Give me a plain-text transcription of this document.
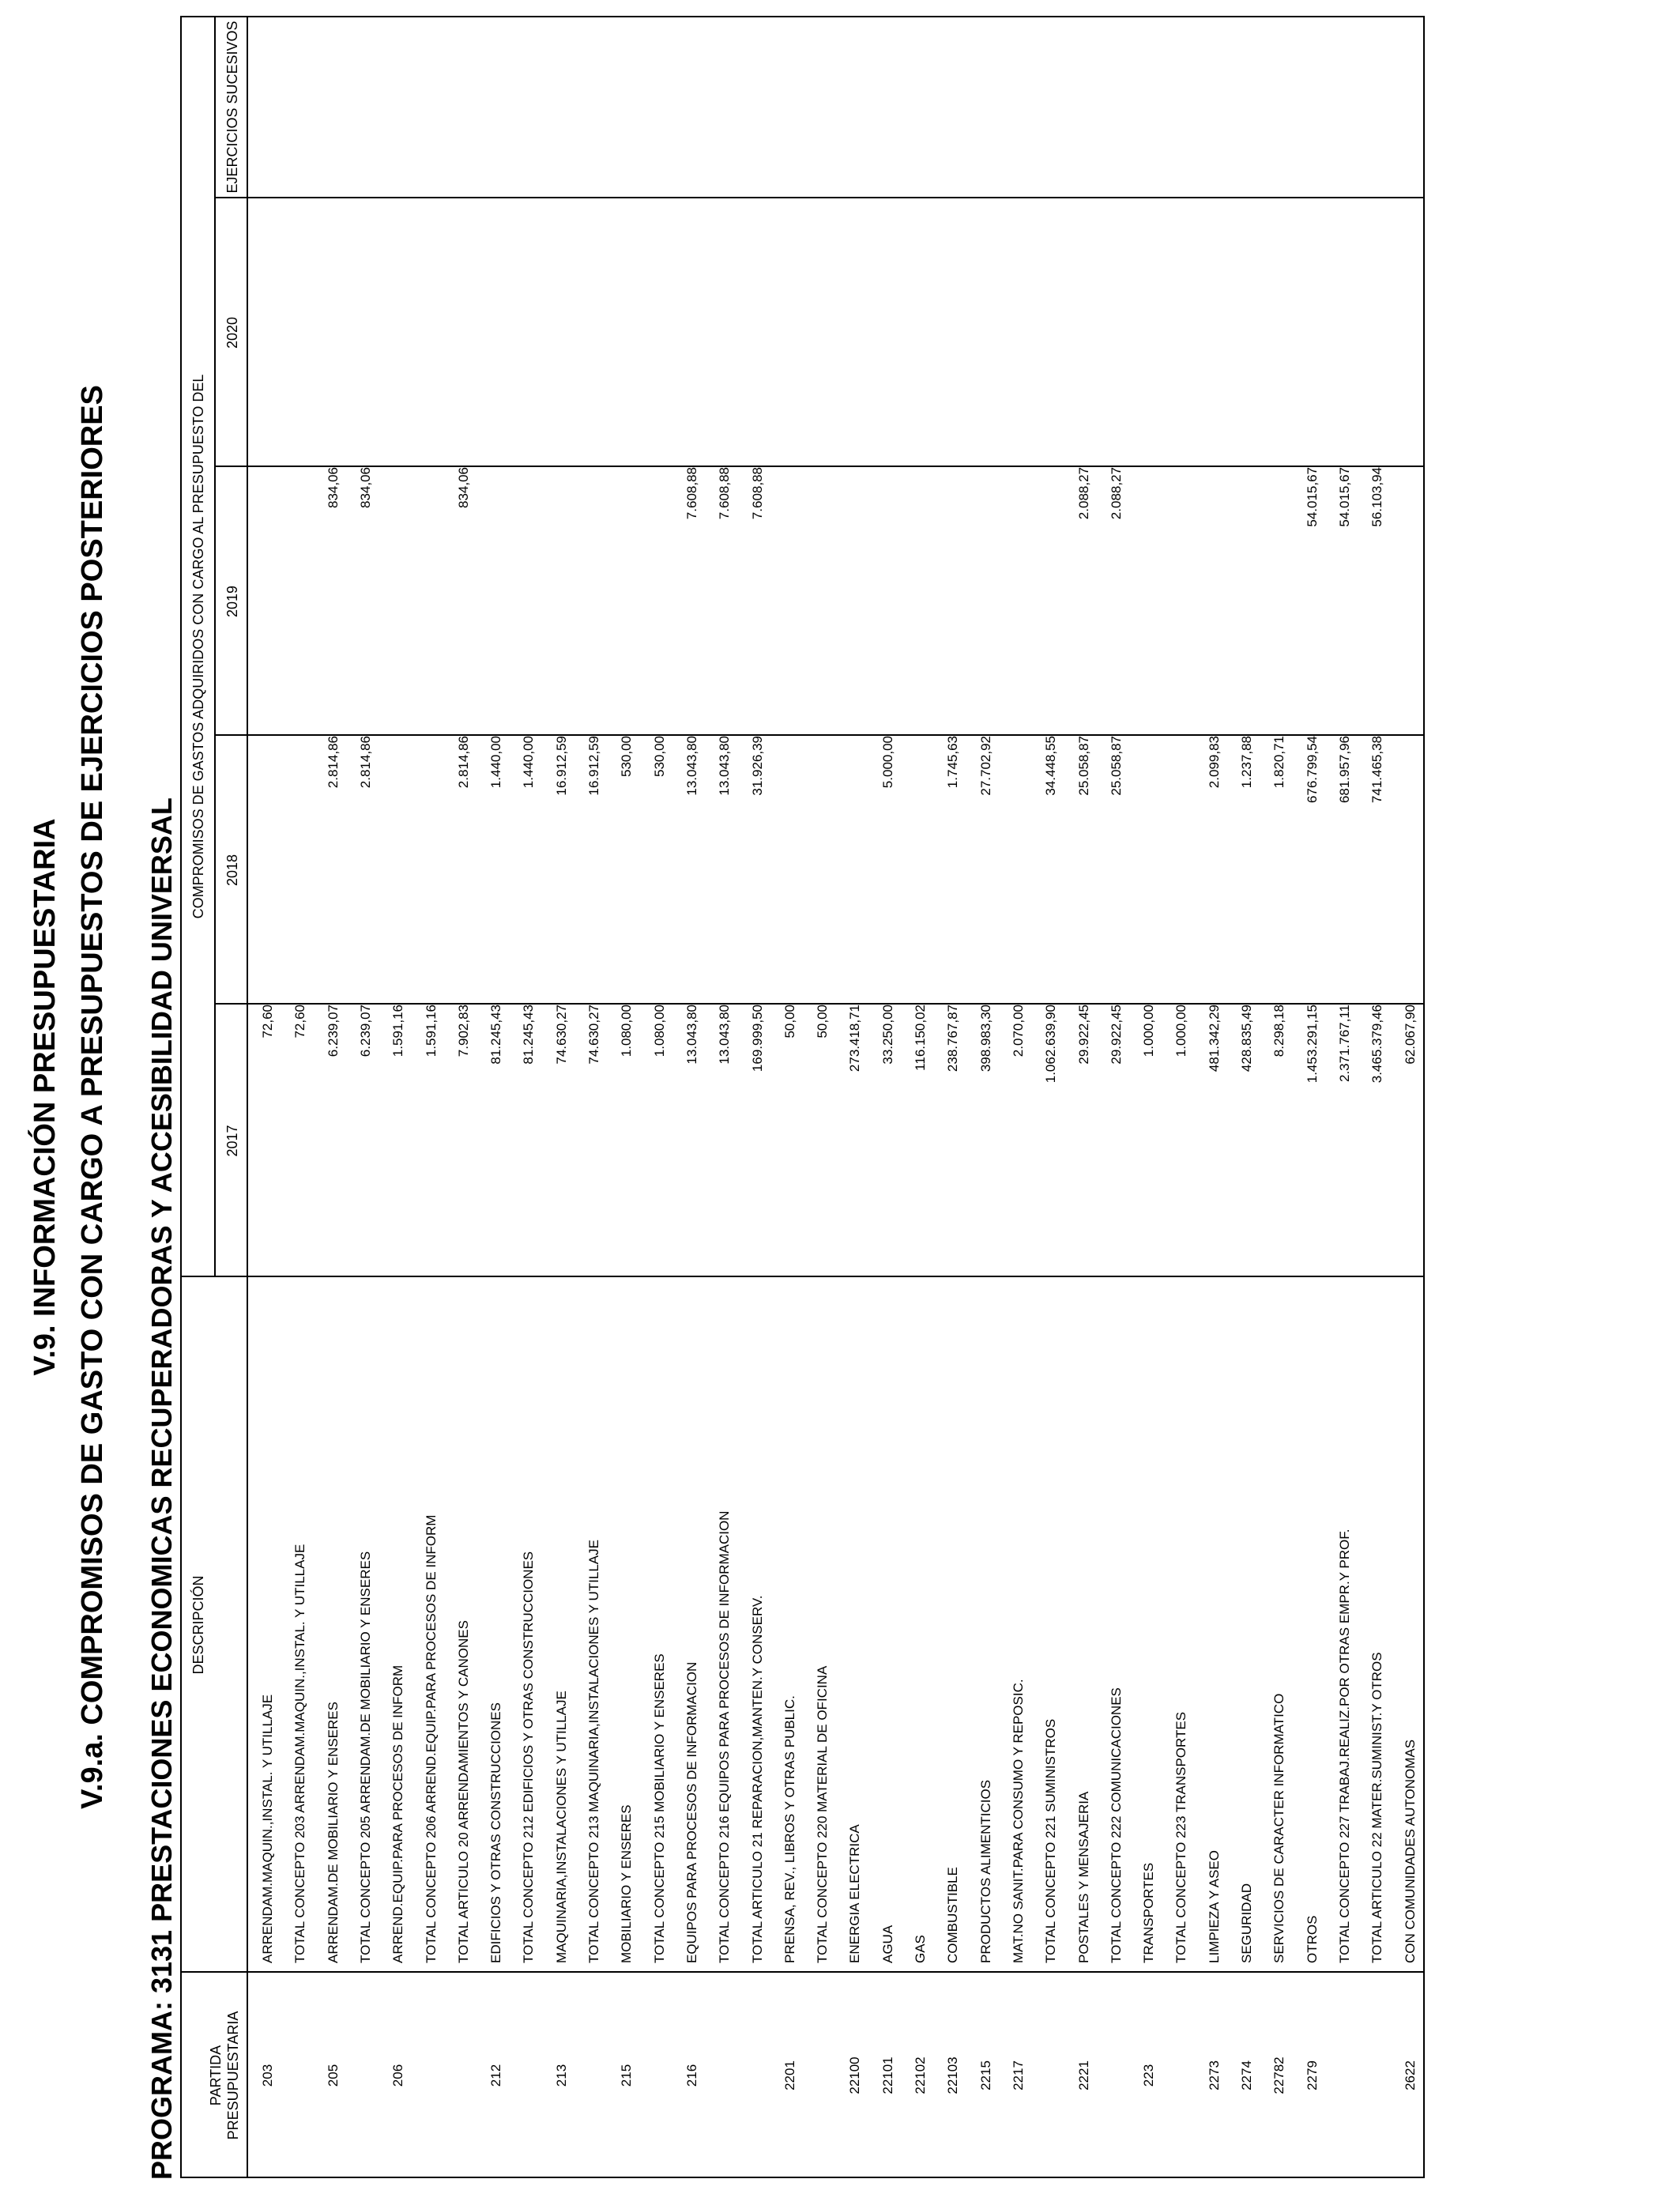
V.9. INFORMACIÓN PRESUPUESTARIA V.9.a. COMPROMISOS DE GASTO CON CARGO A PRESUPUESTOS DE EJERCICIOS POSTERIORES PROGRAMA: 3131 PRESTACIONES ECONOMICAS RECUPERADORAS Y ACCESIBILIDAD UNIVERSAL PARTIDA PRESUPUESTARIA
DESCRIPCIÓN
COMPROMISOS DE GASTOS ADQUIRIDOS CON CARGO AL PRESUPUESTO DEL
2017
2018
2019
2020
EJERCICIOS SUCESIVOS
203
ARRENDAM.MAQUIN.,INSTAL. Y UTILLAJE
72,60
TOTAL CONCEPTO 203 ARRENDAM.MAQUIN.,INSTAL. Y UTILLAJE
72,60
205
ARRENDAM.DE MOBILIARIO Y ENSERES
6.239,07
2.814,86
834,06
TOTAL CONCEPTO 205 ARRENDAM.DE MOBILIARIO Y ENSERES
6.239,07
2.814,86
834,06
206
ARREND.EQUIP.PARA PROCESOS DE INFORM
1.591,16
TOTAL CONCEPTO 206 ARREND.EQUIP.PARA PROCESOS DE INFORM
1.591,16
TOTAL ARTICULO 20 ARRENDAMIENTOS Y CANONES
7.902,83
2.814,86
834,06
212
EDIFICIOS Y OTRAS CONSTRUCCIONES
81.245,43
1.440,00
TOTAL CONCEPTO 212 EDIFICIOS Y OTRAS CONSTRUCCIONES
81.245,43
1.440,00
213
MAQUINARIA,INSTALACIONES Y UTILLAJE
74.630,27
16.912,59
TOTAL CONCEPTO 213 MAQUINARIA,INSTALACIONES Y UTILLAJE
74.630,27
16.912,59
215
MOBILIARIO Y ENSERES
1.080,00
530,00
TOTAL CONCEPTO 215 MOBILIARIO Y ENSERES
1.080,00
530,00
216
EQUIPOS PARA PROCESOS DE INFORMACION
13.043,80
13.043,80
7.608,88
TOTAL CONCEPTO 216 EQUIPOS PARA PROCESOS DE INFORMACION
13.043,80
13.043,80
7.608,88
TOTAL ARTICULO 21 REPARACION,MANTEN.Y CONSERV.
169.999,50
31.926,39
7.608,88
2201
PRENSA, REV., LIBROS Y OTRAS PUBLIC.
50,00
TOTAL CONCEPTO 220 MATERIAL DE OFICINA
50,00
22100
ENERGIA ELECTRICA
273.418,71
22101
AGUA
33.250,00
5.000,00
22102
GAS
116.150,02
22103
COMBUSTIBLE
238.767,87
1.745,63
2215
PRODUCTOS ALIMENTICIOS
398.983,30
27.702,92
2217
MAT.NO SANIT.PARA CONSUMO Y REPOSIC.
2.070,00
TOTAL CONCEPTO 221 SUMINISTROS
1.062.639,90
34.448,55
2221
POSTALES Y MENSAJERIA
29.922,45
25.058,87
2.088,27
TOTAL CONCEPTO 222 COMUNICACIONES
29.922,45
25.058,87
2.088,27
223
TRANSPORTES
1.000,00
TOTAL CONCEPTO 223 TRANSPORTES
1.000,00
2273
LIMPIEZA Y ASEO
481.342,29
2.099,83
2274
SEGURIDAD
428.835,49
1.237,88
22782
SERVICIOS DE CARACTER INFORMATICO
8.298,18
1.820,71
2279
OTROS
1.453.291,15
676.799,54
54.015,67
TOTAL CONCEPTO 227 TRABAJ.REALIZ.POR OTRAS EMPR.Y PROF.
2.371.767,11
681.957,96
54.015,67
TOTAL ARTICULO 22 MATER.SUMINIST.Y OTROS
3.465.379,46
741.465,38
56.103,94
2622
CON COMUNIDADES AUTONOMAS
62.067,90
